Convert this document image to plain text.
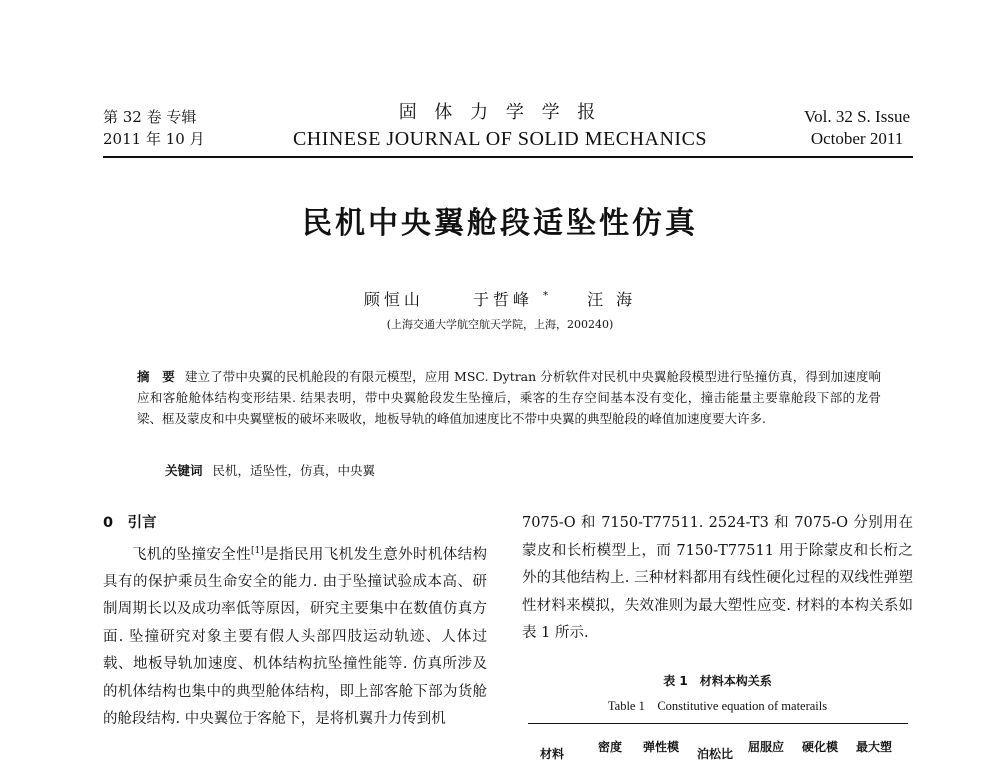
第 32 卷 专辑
2011 年 10 月
固 体 力 学 学 报
CHINESE JOURNAL OF SOLID MECHANICS
Vol. 32 S. Issue
October 2011
民机中央翼舱段适坠性仿真
顾恒山	于哲峰 * 汪 海
(上海交通大学航空航天学院，上海，200240)
摘　要 建立了带中央翼的民机舱段的有限元模型，应用 MSC. Dytran 分析软件对民机中央翼舱段模型进行坠撞仿真，得到加速度响应和客舱舱体结构变形结果. 结果表明，带中央翼舱段发生坠撞后，乘客的生存空间基本没有变化，撞击能量主要靠舱段下部的龙骨梁、框及蒙皮和中央翼壁板的破坏来吸收，地板导轨的峰值加速度比不带中央翼的典型舱段的峰值加速度要大许多.
关键词 民机，适坠性，仿真，中央翼
0　引言
飞机的坠撞安全性[1]是指民用飞机发生意外时机体结构具有的保护乘员生命安全的能力. 由于坠撞试验成本高、研制周期长以及成功率低等原因，研究主要集中在数值仿真方面. 坠撞研究对象主要有假人头部四肢运动轨迹、人体过载、地板导轨加速度、机体结构抗坠撞性能等. 仿真所涉及的机体结构也集中的典型舱体结构，即上部客舱下部为货舱的舱段结构. 中央翼位于客舱下，是将机翼升力传到机
7075-O 和 7150-T77511. 2524-T3 和 7075-O 分别用在蒙皮和长桁模型上，而 7150-T77511 用于除蒙皮和长桁之外的其他结构上. 三种材料都用有线性硬化过程的双线性弹塑性材料来模拟，失效准则为最大塑性应变. 材料的本构关系如表 1 所示.
表 1　材料本构关系
Table 1　Constitutive equation of materails
材料	密度 弹性模 泊松比 屈服应 硬化模 最大塑
